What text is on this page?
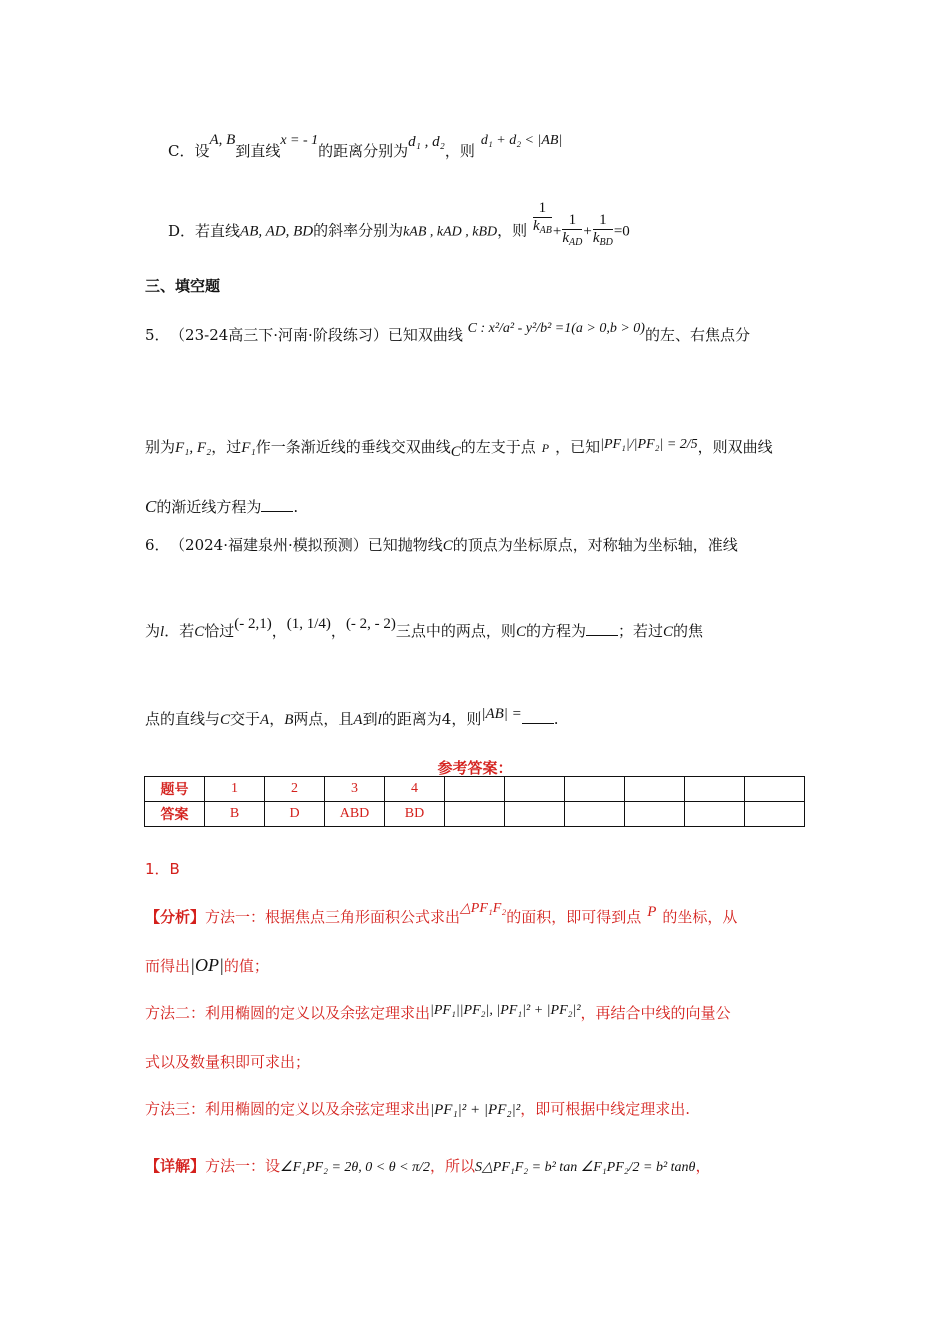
C．设A, B到直线x = - 1的距离分别为d₁ , d₂，则d₁ + d₂ < |AB|
D．若直线AB, AD, BD的斜率分别为kAB , kAD , kBD，则 $\frac{1}{k_{AB}} + \frac{1}{k_{AD}} + \frac{1}{k_{BD}} =0$
三、填空题
5． （23-24高三下·河南·阶段练习）已知双曲线 C : x²/a² - y²/b² =1(a > 0,b > 0)的左、右焦点分
别为F₁, F₂，过F₁作一条渐近线的垂线交双曲线C的左支于点 P ，已知|PF₁|/|PF₂| = 2/5，则双曲线
C的渐近线方程为 .
6． （2024·福建泉州·模拟预测）已知抛物线C的顶点为坐标原点，对称轴为坐标轴，准线
为l．若C恰过(- 2,1)，(1, 1/4)，(- 2, - 2)三点中的两点，则C的方程为 ；若过C的焦
点的直线与C交于A，B两点，且A到l的距离为4，则|AB| = .
参考答案：
题号	1	2	3	4						
答案	B	D	ABD	BD						
1．B
【分析】方法一：根据焦点三角形面积公式求出△PF₁F₂的面积，即可得到点 P 的坐标，从
而得出|OP|的值；
方法二：利用椭圆的定义以及余弦定理求出|PF₁||PF₂|, |PF₁|² + |PF₂|²，再结合中线的向量公
式以及数量积即可求出；
方法三：利用椭圆的定义以及余弦定理求出|PF₁|² + |PF₂|²，即可根据中线定理求出.
【详解】方法一：设∠F₁PF₂ = 2θ, 0 < θ < π/2，所以S△PF₁F₂ = b² tan ∠F₁PF₂/2 = b² tanθ，
